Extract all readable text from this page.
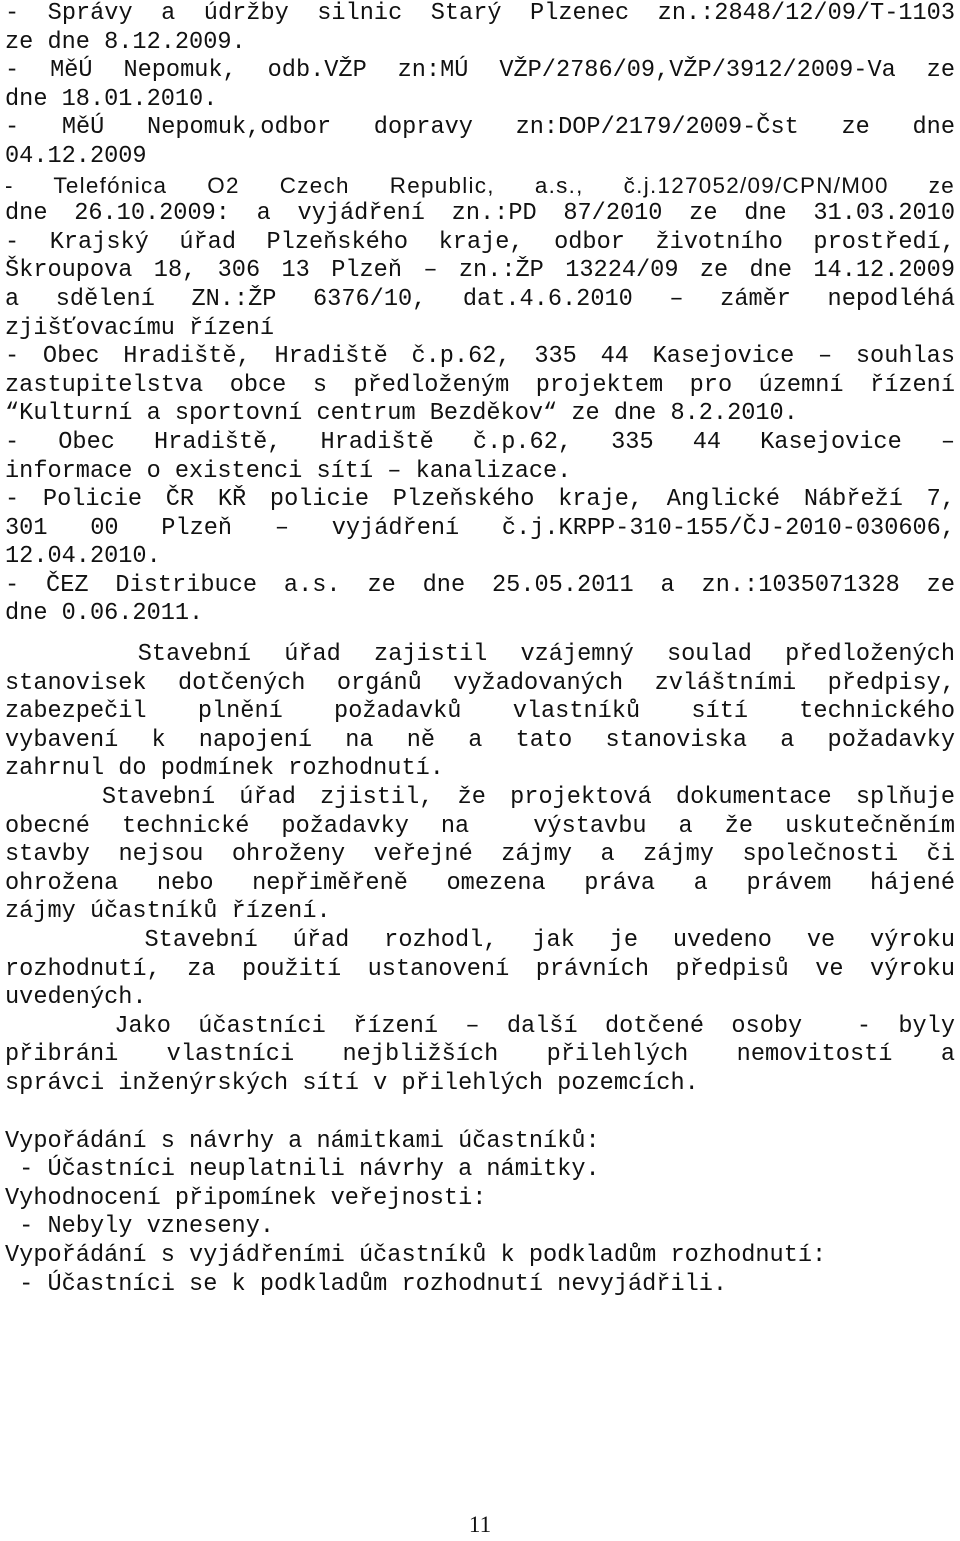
- Správy a údržby silnic Starý Plzenec zn.:2848/12/09/T-1103
ze dne 8.12.2009.
- MěÚ Nepomuk, odb.VŽP zn:MÚ VŽP/2786/09,VŽP/3912/2009-Va ze
dne 18.01.2010.
- MěÚ Nepomuk,odbor dopravy zn:DOP/2179/2009-Čst ze dne
04.12.2009
- Telefónica O2 Czech Republic, a.s., č.j.127052/09/CPN/M00 ze
dne 26.10.2009: a vyjádření zn.:PD 87/2010 ze dne 31.03.2010
- Krajský úřad Plzeňského kraje, odbor životního prostředí,
Škroupova 18, 306 13 Plzeň – zn.:ŽP 13224/09 ze dne 14.12.2009
a sdělení ZN.:ŽP 6376/10, dat.4.6.2010 – záměr nepodléhá
zjišťovacímu řízení
- Obec Hradiště, Hradiště č.p.62, 335 44 Kasejovice – souhlas
zastupitelstva obce s předloženým projektem pro územní řízení
“Kulturní a sportovní centrum Bezděkov“ ze dne 8.2.2010.
- Obec Hradiště, Hradiště č.p.62, 335 44 Kasejovice –
informace o existenci sítí – kanalizace.
- Policie ČR KŘ policie Plzeňského kraje, Anglické Nábřeží 7,
301 00 Plzeň – vyjádření č.j.KRPP-310-155/ČJ-2010-030606,
12.04.2010.
- ČEZ Distribuce a.s. ze dne 25.05.2011 a zn.:1035071328 ze
dne 0.06.2011.
Stavební úřad zajistil vzájemný soulad předložených
stanovisek dotčených orgánů vyžadovaných zvláštními předpisy,
zabezpečil plnění požadavků vlastníků sítí technického
vybavení k napojení na ně a tato stanoviska a požadavky
zahrnul do podmínek rozhodnutí.
Stavební úřad zjistil, že projektová dokumentace splňuje
obecné technické požadavky na  výstavbu a že uskutečněním
stavby nejsou ohroženy veřejné zájmy a zájmy společnosti či
ohrožena nebo nepřiměřeně omezena práva a právem hájené
zájmy účastníků řízení.
Stavební úřad rozhodl, jak je uvedeno ve výroku
rozhodnutí, za použití ustanovení právních předpisů ve výroku
uvedených.
Jako účastníci řízení – další dotčené osoby  - byly
přibráni vlastníci nejbližších přilehlých nemovitostí a
správci inženýrských sítí v přilehlých pozemcích.
Vypořádání s návrhy a námitkami účastníků:
- Účastníci neuplatnili návrhy a námitky.
Vyhodnocení připomínek veřejnosti:
- Nebyly vzneseny.
Vypořádání s vyjádřeními účastníků k podkladům rozhodnutí:
- Účastníci se k podkladům rozhodnutí nevyjádřili.
11
